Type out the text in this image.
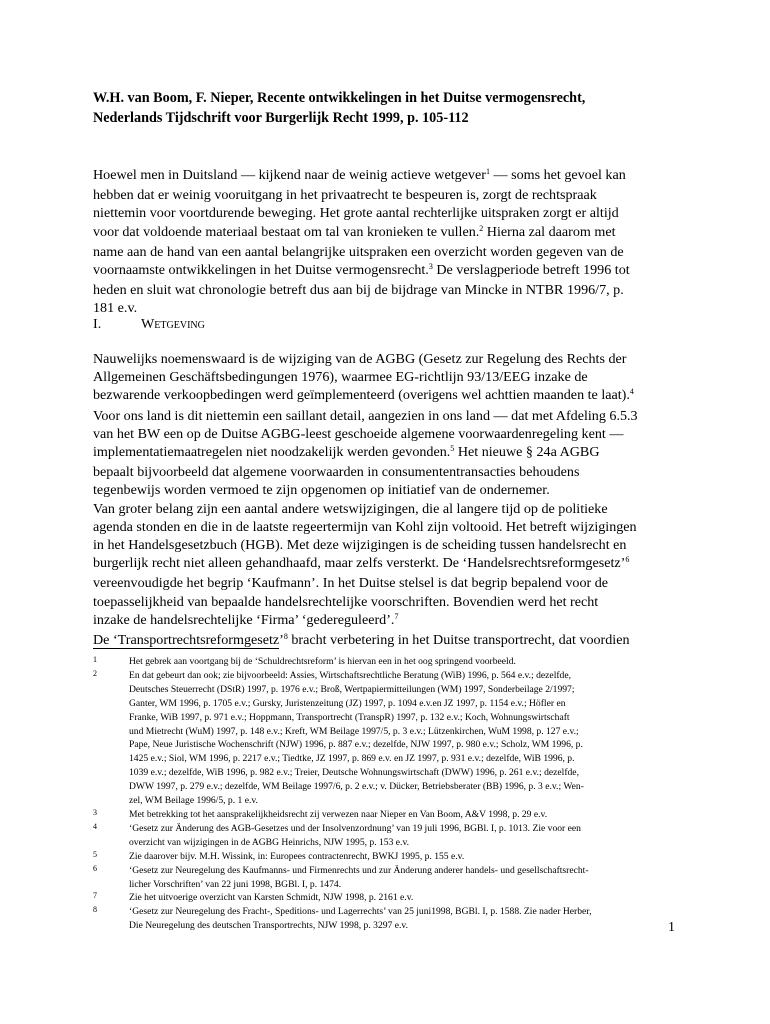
W.H. van Boom, F. Nieper, Recente ontwikkelingen in het Duitse vermogensrecht,
Nederlands Tijdschrift voor Burgerlijk Recht 1999, p. 105-112
Hoewel men in Duitsland — kijkend naar de weinig actieve wetgever$^1$ — soms het gevoel kan
hebben dat er weinig vooruitgang in het privaatrecht te bespeuren is, zorgt de rechtspraak
niettemin voor voortdurende beweging. Het grote aantal rechterlijke uitspraken zorgt er altijd
voor dat voldoende materiaal bestaat om tal van kronieken te vullen.$^2$ Hierna zal daarom met
name aan de hand van een aantal belangrijke uitspraken een overzicht worden gegeven van de
voornaamste ontwikkelingen in het Duitse vermogensrecht.$^3$ De verslagperiode betreft 1996 tot
heden en sluit wat chronologie betreft dus aan bij de bijdrage van Mincke in NTBR 1996/7, p.
181 e.v.
I.	Wetgeving
Nauwelijks noemenswaard is de wijziging van de AGBG (Gesetz zur Regelung des Rechts der
Allgemeinen Geschäftsbedingungen 1976), waarmee EG-richtlijn 93/13/EEG inzake de
bezwarende verkoopbedingen werd geïmplementeerd (overigens wel achttien maanden te laat).$^4$
Voor ons land is dit niettemin een saillant detail, aangezien in ons land — dat met Afdeling 6.5.3
van het BW een op de Duitse AGBG-leest geschoeide algemene voorwaardenregeling kent —
implementatiemaatregelen niet noodzakelijk werden gevonden.$^5$ Het nieuwe § 24a AGBG
bepaalt bijvoorbeeld dat algemene voorwaarden in consumententransacties behoudens
tegenbewijs worden vermoed te zijn opgenomen op initiatief van de ondernemer.
Van groter belang zijn een aantal andere wetswijzigingen, die al langere tijd op de politieke
agenda stonden en die in de laatste regeertermijn van Kohl zijn voltooid. Het betreft wijzigingen
in het Handelsgesetzbuch (HGB). Met deze wijzigingen is de scheiding tussen handelsrecht en
burgerlijk recht niet alleen gehandhaafd, maar zelfs versterkt. De ‘Handelsrechtsreformgesetz’$^6$
vereenvoudigde het begrip ‘Kaufmann’. In het Duitse stelsel is dat begrip bepalend voor de
toepasselijkheid van bepaalde handelsrechtelijke voorschriften. Bovendien werd het recht
inzake de handelsrechtelijke ‘Firma’ ‘gedereguleerd’.$^7$
De ‘Transportrechtsreformgesetz’$^8$ bracht verbetering in het Duitse transportrecht, dat voordien
1	Het gebrek aan voortgang bij de ‘Schuldrechtsreform’ is hiervan een in het oog springend voorbeeld.
2	En dat gebeurt dan ook; zie bijvoorbeeld: Assies, Wirtschaftsrechtliche Beratung (WiB) 1996, p. 564 e.v.; dezelfde,
Deutsches Steuerrecht (DStR) 1997, p. 1976 e.v.; Broß, Wertpapiermitteilungen (WM) 1997, Sonderbeilage 2/1997;
Ganter, WM 1996, p. 1705 e.v.; Gursky, Juristenzeitung (JZ) 1997, p. 1094 e.v.en JZ 1997, p. 1154 e.v.; Höfler en
Franke, WiB 1997, p. 971 e.v.; Hoppmann, Transportrecht (TranspR) 1997, p. 132 e.v.; Koch, Wohnungswirtschaft
und Mietrecht (WuM) 1997, p. 148 e.v.; Kreft, WM Beilage 1997/5, p. 3 e.v.; Lützenkirchen, WuM 1998, p. 127 e.v.;
Pape, Neue Juristische Wochenschrift (NJW) 1996, p. 887 e.v.; dezelfde, NJW 1997, p. 980 e.v.; Scholz, WM 1996, p.
1425 e.v.; Siol, WM 1996, p. 2217 e.v.; Tiedtke, JZ 1997, p. 869 e.v. en JZ 1997, p. 931 e.v.; dezelfde, WiB 1996, p.
1039 e.v.; dezelfde, WiB 1996, p. 982 e.v.; Treier, Deutsche Wohnungswirtschaft (DWW) 1996, p. 261 e.v.; dezelfde,
DWW 1997, p. 279 e.v.; dezelfde, WM Beilage 1997/6, p. 2 e.v.; v. Dücker, Betriebsberater (BB) 1996, p. 3 e.v.; Wen-
zel, WM Beilage 1996/5, p. 1 e.v.
3	Met betrekking tot het aansprakelijkheidsrecht zij verwezen naar Nieper en Van Boom, A&V 1998, p. 29 e.v.
4	‘Gesetz zur Änderung des AGB-Gesetzes und der Insolvenzordnung’ van 19 juli 1996, BGBl. I, p. 1013. Zie voor een
overzicht van wijzigingen in de AGBG Heinrichs, NJW 1995, p. 153 e.v.
5	Zie daarover bijv. M.H. Wissink, in: Europees contractenrecht, BWKJ 1995, p. 155 e.v.
6	‘Gesetz zur Neuregelung des Kaufmanns- und Firmenrechts und zur Änderung anderer handels- und gesellschaftsrecht-
licher Vorschriften’ van 22 juni 1998, BGBl. I, p. 1474.
7	Zie het uitvoerige overzicht van Karsten Schmidt, NJW 1998, p. 2161 e.v.
8	‘Gesetz zur Neuregelung des Fracht-, Speditions- und Lagerrechts’ van 25 juni1998, BGBl. I, p. 1588. Zie nader Herber,
Die Neuregelung des deutschen Transportrechts, NJW 1998, p. 3297 e.v.	1
